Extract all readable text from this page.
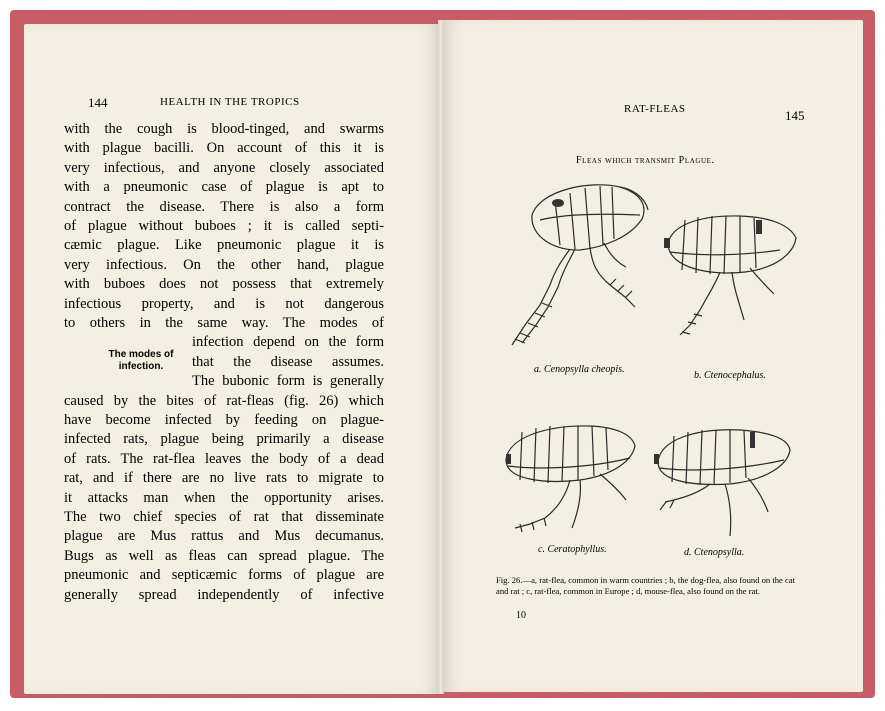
144	HEALTH IN THE TROPICS
with the cough is blood-tinged, and swarms
with plague bacilli. On account of this it is
very infectious, and anyone closely associated
with a pneumonic case of plague is apt to
contract the disease. There is also a form
of plague without buboes ; it is called septi-
cæmic plague. Like pneumonic plague it is
very infectious. On the other hand, plague
with buboes does not possess that extremely
infectious property, and is not dangerous
to others in the same way. The modes of
The modes of infection.
infection depend on the form
that the disease assumes.
The bubonic form is generally
caused by the bites of rat-fleas (fig. 26) which
have become infected by feeding on plague-
infected rats, plague being primarily a disease
of rats. The rat-flea leaves the body of a dead
rat, and if there are no live rats to migrate to
it attacks man when the opportunity arises.
The two chief species of rat that disseminate
plague are Mus rattus and Mus decumanus.
Bugs as well as fleas can spread plague. The
pneumonic and septicæmic forms of plague are
generally spread independently of infective
RAT-FLEAS	145
Fleas which transmit Plague.
a. Cenopsylla cheopis.
b. Ctenocephalus.
c. Ceratophyllus.	d. Ctenopsylla.
Fig. 26.—a, rat-flea, common in warm countries ; b, the dog-flea, also found on the cat and rat ; c, rat-flea, common in Europe ; d, mouse-flea, also found on the rat.
10
